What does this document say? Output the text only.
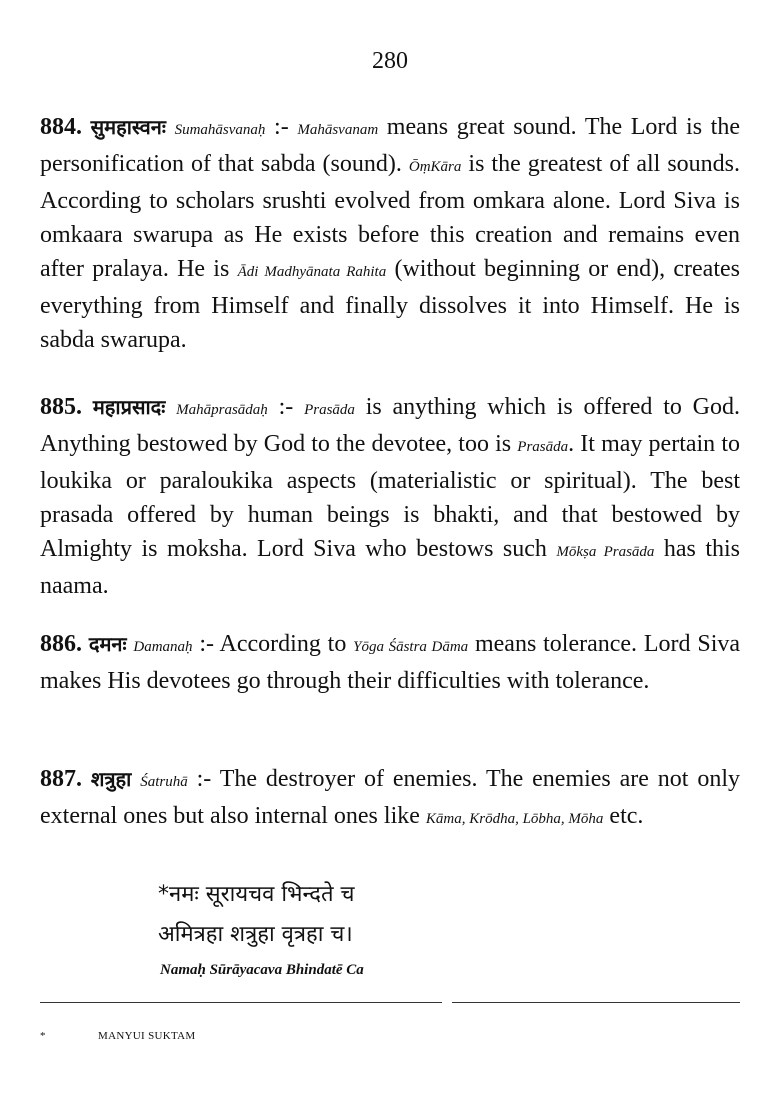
280
884. सुमहास्वनः Sumahāsvanaḥ :- Mahāsvanam means great sound. The Lord is the personification of that sabda (sound). ŌṃKāra is the greatest of all sounds. According to scholars srushti evolved from omkara alone. Lord Siva is omkaara swarupa as He exists before this creation and remains even after pralaya. He is Ādi Madhyānata Rahita (without beginning or end), creates everything from Himself and finally dissolves it into Himself. He is sabda swarupa.
885. महाप्रसादः Mahāprasādaḥ :- Prasāda is anything which is offered to God. Anything bestowed by God to the devotee, too is Prasāda. It may pertain to loukika or paraloukika aspects (materialistic or spiritual). The best prasada offered by human beings is bhakti, and that bestowed by Almighty is moksha. Lord Siva who bestows such Mōkṣa Prasāda has this naama.
886. दमनः Damanaḥ :- According to Yōga Śāstra Dāma means tolerance. Lord Siva makes His devotees go through their difficulties with tolerance.
887. शत्रुहा Śatruhā :- The destroyer of enemies. The enemies are not only external ones but also internal ones like Kāma, Krōdha, Lōbha, Mōha etc.
*नमः सूरायचव भिन्दते च
अमित्रहा शत्रुहा वृत्रहा च।
Namaḥ Sūrāyacava Bhindatē Ca
*	MANYUI SUKTAM
